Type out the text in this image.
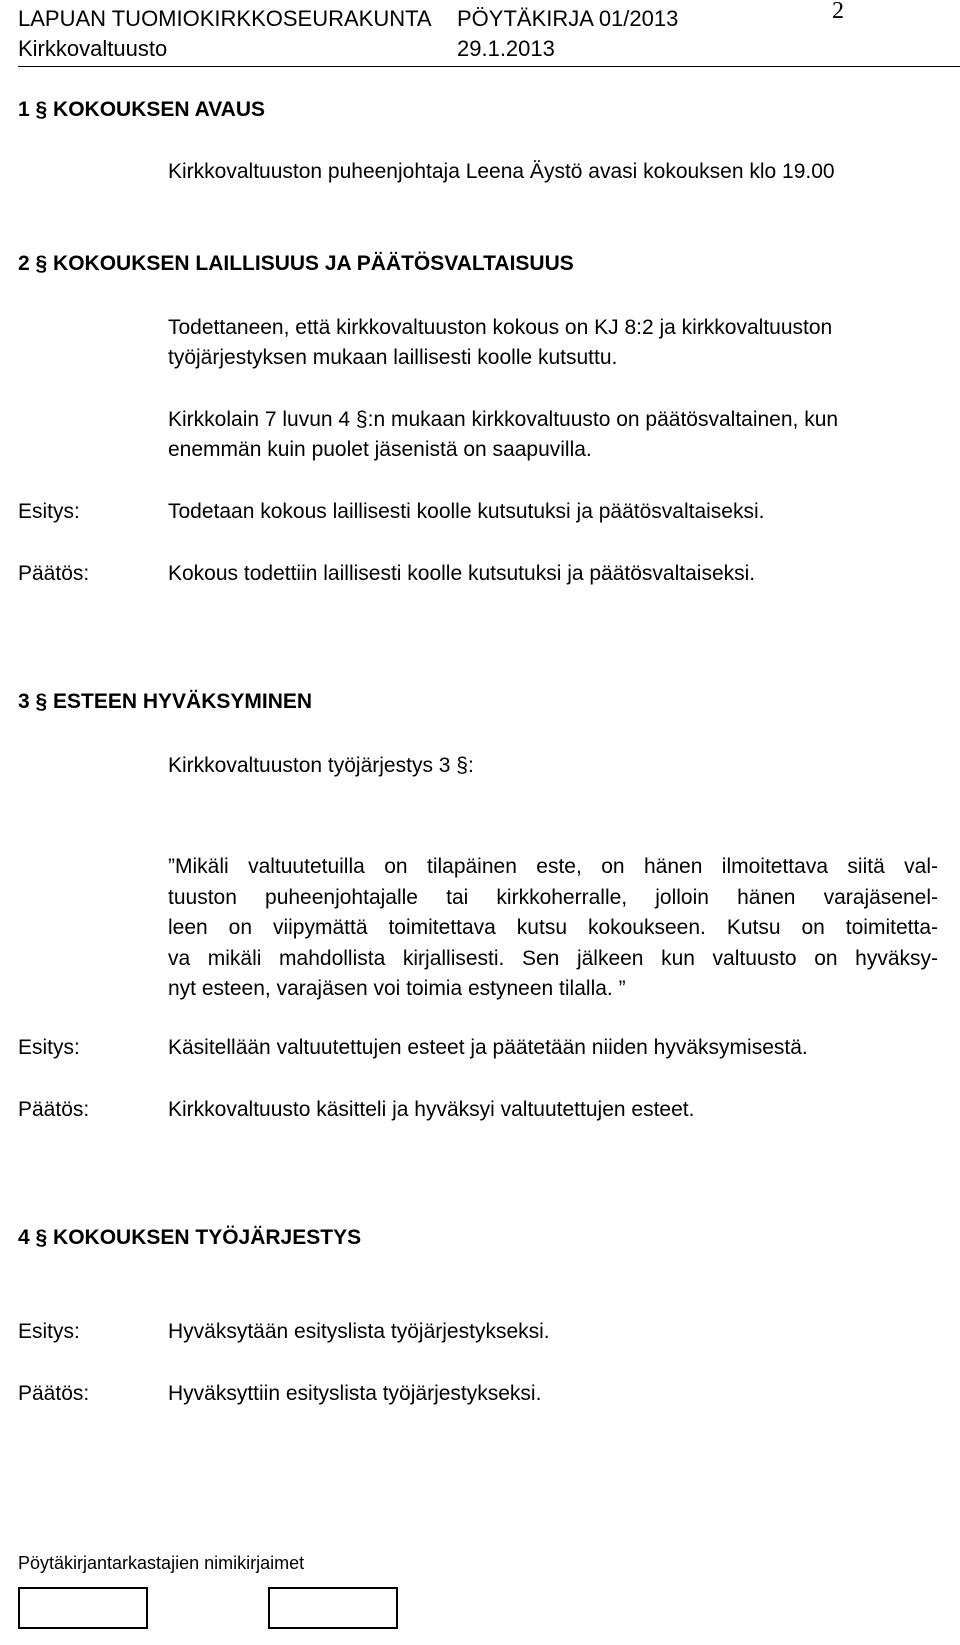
LAPUAN TUOMIOKIRKKOSEURAKUNTA PÖYTÄKIRJA 01/2013
Kirkkovaltuusto	29.1.2013
2
1 § KOKOUKSEN AVAUS
Kirkkovaltuuston puheenjohtaja Leena Äystö avasi kokouksen klo 19.00
2 § KOKOUKSEN LAILLISUUS JA PÄÄTÖSVALTAISUUS
Todettaneen, että kirkkovaltuuston kokous on KJ 8:2 ja kirkkovaltuuston
työjärjestyksen mukaan laillisesti koolle kutsuttu.
Kirkkolain 7 luvun 4 §:n mukaan kirkkovaltuusto on päätösvaltainen, kun
enemmän kuin puolet jäsenistä on saapuvilla.
Esitys:	Todetaan kokous laillisesti koolle kutsutuksi ja päätösvaltaiseksi.
Päätös:	Kokous todettiin laillisesti koolle kutsutuksi ja päätösvaltaiseksi.
3 § ESTEEN HYVÄKSYMINEN
Kirkkovaltuuston työjärjestys 3 §:
”Mikäli valtuutetuilla on tilapäinen este, on hänen ilmoitettava siitä val-
tuuston puheenjohtajalle tai kirkkoherralle, jolloin hänen varajäsenel-
leen on viipymättä toimitettava kutsu kokoukseen. Kutsu on toimitetta-
va mikäli mahdollista kirjallisesti. Sen jälkeen kun valtuusto on hyväksy-
nyt esteen, varajäsen voi toimia estyneen tilalla. ”
Esitys:	Käsitellään valtuutettujen esteet ja päätetään niiden hyväksymisestä.
Päätös:	Kirkkovaltuusto käsitteli ja hyväksyi valtuutettujen esteet.
4 § KOKOUKSEN TYÖJÄRJESTYS
Esitys:	Hyväksytään esityslista työjärjestykseksi.
Päätös:	Hyväksyttiin esityslista työjärjestykseksi.
Pöytäkirjantarkastajien nimikirjaimet
